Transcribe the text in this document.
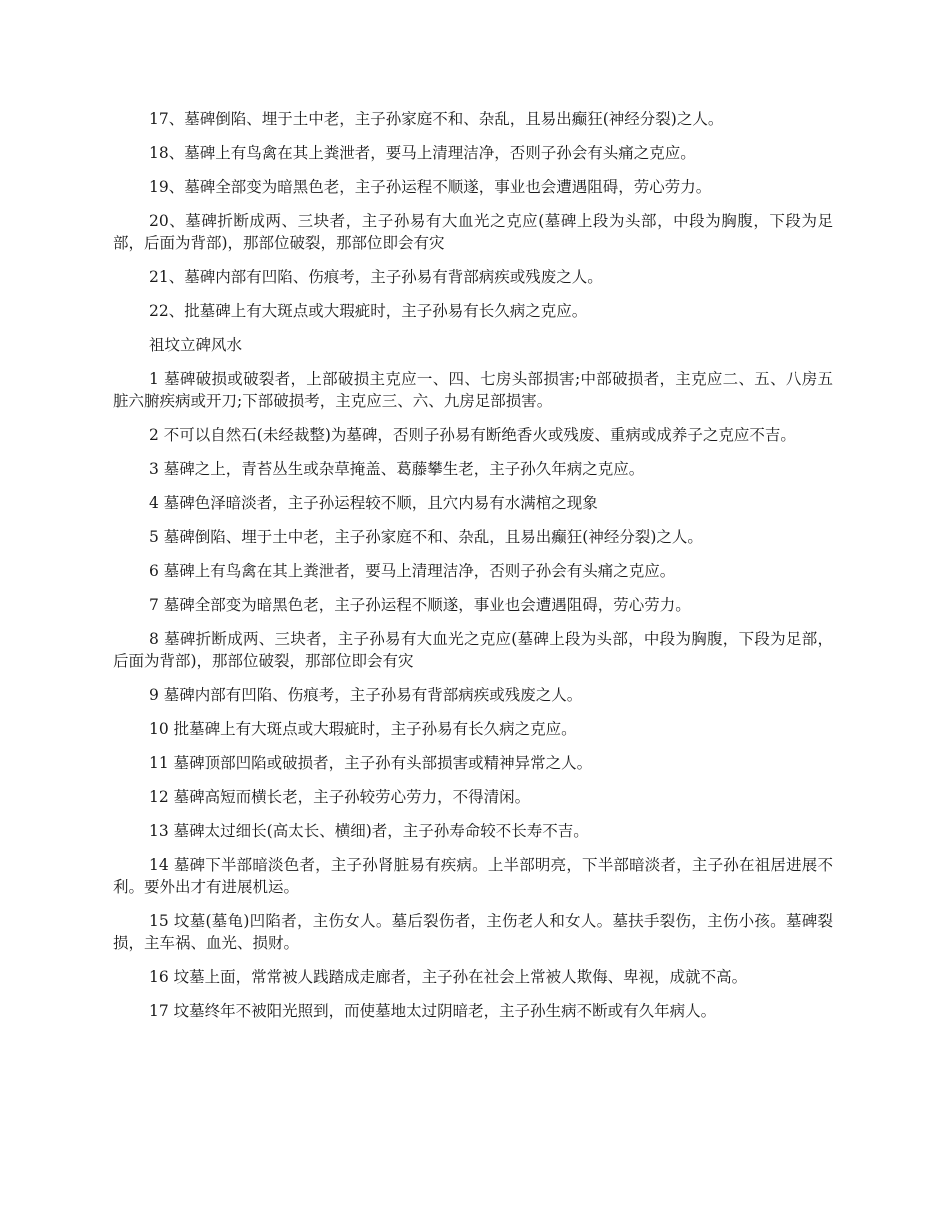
17、墓碑倒陷、埋于土中老，主子孙家庭不和、杂乱，且易出癫狂(神经分裂)之人。

18、墓碑上有鸟禽在其上粪泄者，要马上清理洁净，否则子孙会有头痛之克应。

19、墓碑全部变为暗黑色老，主子孙运程不顺遂，事业也会遭遇阻碍，劳心劳力。

20、墓碑折断成两、三块者，主子孙易有大血光之克应(墓碑上段为头部，中段为胸腹，下段为足部，后面为背部)，那部位破裂，那部位即会有灾

21、墓碑内部有凹陷、伤痕考，主子孙易有背部病疾或残废之人。

22、批墓碑上有大斑点或大瑕疵时，主子孙易有长久病之克应。

祖坟立碑风水

1 墓碑破损或破裂者，上部破损主克应一、四、七房头部损害;中部破损者，主克应二、五、八房五脏六腑疾病或开刀;下部破损考，主克应三、六、九房足部损害。

2 不可以自然石(未经裁整)为墓碑，否则子孙易有断绝香火或残废、重病或成养子之克应不吉。

3 墓碑之上，青苔丛生或杂草掩盖、葛藤攀生老，主子孙久年病之克应。

4 墓碑色泽暗淡者，主子孙运程较不顺，且穴内易有水满棺之现象

5 墓碑倒陷、埋于土中老，主子孙家庭不和、杂乱，且易出癫狂(神经分裂)之人。

6 墓碑上有鸟禽在其上粪泄者，要马上清理洁净，否则子孙会有头痛之克应。

7 墓碑全部变为暗黑色老，主子孙运程不顺遂，事业也会遭遇阻碍，劳心劳力。

8 墓碑折断成两、三块者，主子孙易有大血光之克应(墓碑上段为头部，中段为胸腹，下段为足部，后面为背部)，那部位破裂，那部位即会有灾

9 墓碑内部有凹陷、伤痕考，主子孙易有背部病疾或残废之人。

10 批墓碑上有大斑点或大瑕疵时，主子孙易有长久病之克应。

11 墓碑顶部凹陷或破损者，主子孙有头部损害或精神异常之人。

12 墓碑高短而横长老，主子孙较劳心劳力，不得清闲。

13 墓碑太过细长(高太长、横细)者，主子孙寿命较不长寿不吉。

14 墓碑下半部暗淡色者，主子孙肾脏易有疾病。上半部明亮，下半部暗淡者，主子孙在祖居进展不利。要外出才有进展机运。

15 坟墓(墓龟)凹陷者，主伤女人。墓后裂伤者，主伤老人和女人。墓扶手裂伤，主伤小孩。墓碑裂损，主车祸、血光、损财。

16 坟墓上面，常常被人践踏成走廊者，主子孙在社会上常被人欺侮、卑视，成就不高。

17 坟墓终年不被阳光照到，而使墓地太过阴暗老，主子孙生病不断或有久年病人。
